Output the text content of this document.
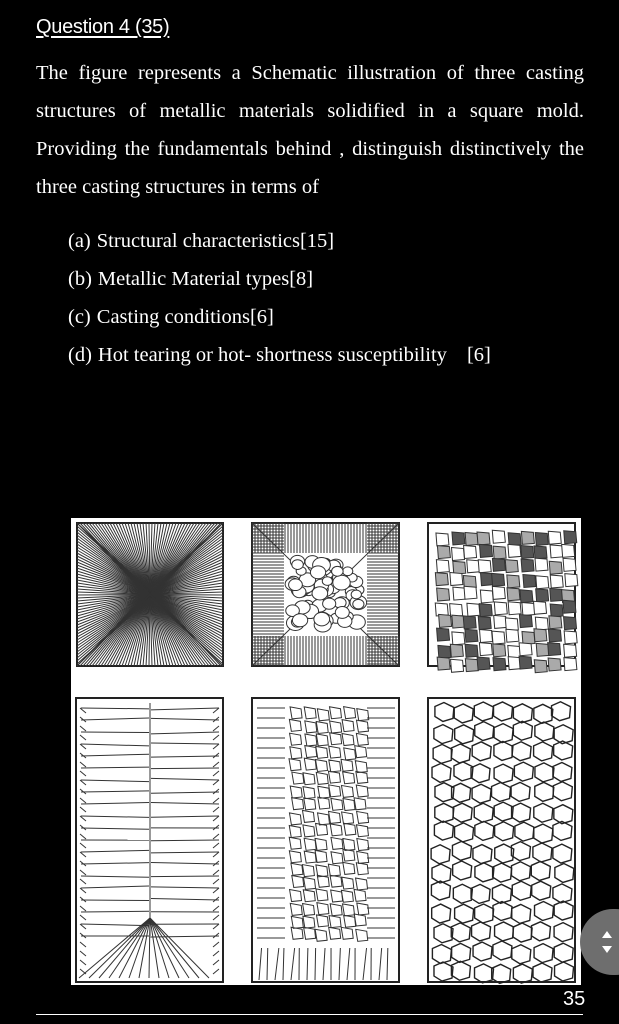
Question 4 (35)

The figure represents a Schematic illustration of three casting structures of metallic materials solidified in a square mold. Providing the fundamentals behind , distinguish distinctively the three casting structures in terms of

(a) Structural characteristics[15]
(b) Metallic Material types[8]
(c) Casting conditions[6]
(d) Hot tearing or hot- shortness susceptibility [6]
35
